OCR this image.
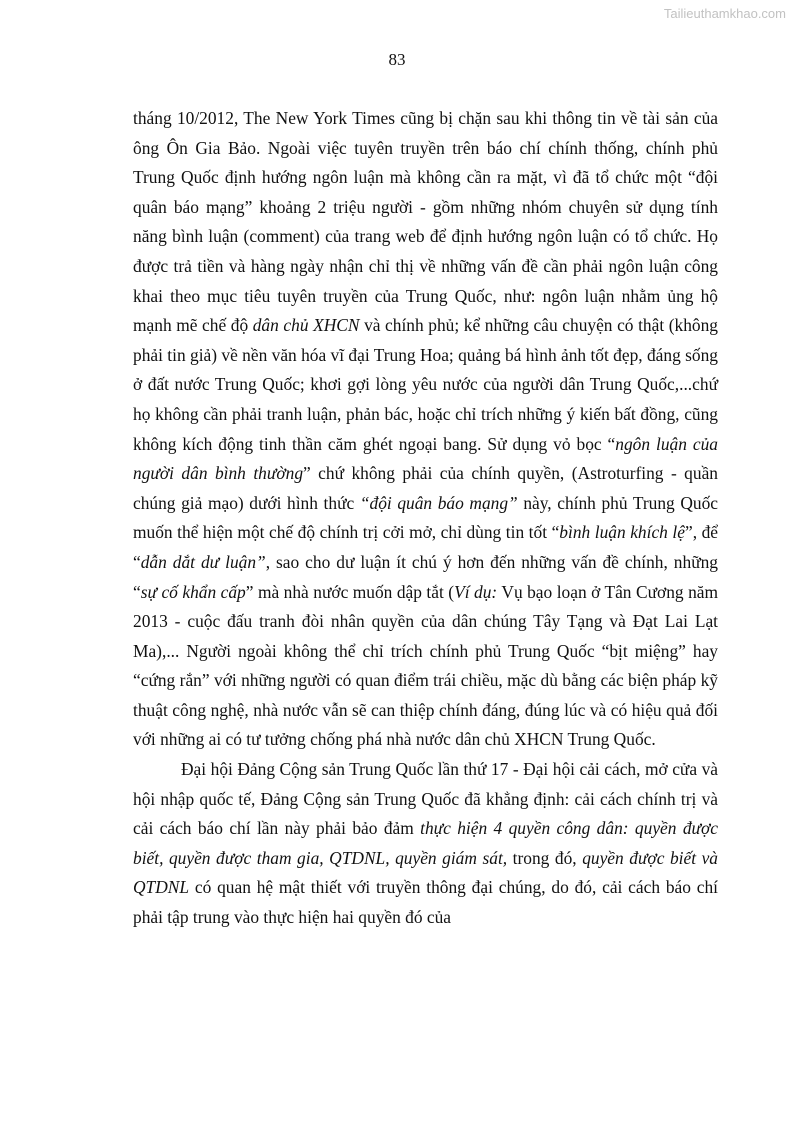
Tailieuthamkhao.com
83

tháng 10/2012, The New York Times cũng bị chặn sau khi thông tin về tài sản của ông Ôn Gia Bảo. Ngoài việc tuyên truyền trên báo chí chính thống, chính phủ Trung Quốc định hướng ngôn luận mà không cần ra mặt, vì đã tổ chức một “đội quân báo mạng” khoảng 2 triệu người - gồm những nhóm chuyên sử dụng tính năng bình luận (comment) của trang web để định hướng ngôn luận có tổ chức. Họ được trả tiền và hàng ngày nhận chỉ thị về những vấn đề cần phải ngôn luận công khai theo mục tiêu tuyên truyền của Trung Quốc, như: ngôn luận nhằm ủng hộ mạnh mẽ chế độ dân chủ XHCN và chính phủ; kể những câu chuyện có thật (không phải tin giả) về nền văn hóa vĩ đại Trung Hoa; quảng bá hình ảnh tốt đẹp, đáng sống ở đất nước Trung Quốc; khơi gợi lòng yêu nước của người dân Trung Quốc,...chứ họ không cần phải tranh luận, phản bác, hoặc chỉ trích những ý kiến bất đồng, cũng không kích động tinh thần căm ghét ngoại bang. Sử dụng vỏ bọc “ngôn luận của người dân bình thường” chứ không phải của chính quyền, (Astroturfing - quần chúng giả mạo) dưới hình thức “đội quân báo mạng” này, chính phủ Trung Quốc muốn thể hiện một chế độ chính trị cởi mở, chỉ dùng tin tốt “bình luận khích lệ”, để “dẫn dắt dư luận”, sao cho dư luận ít chú ý hơn đến những vấn đề chính, những “sự cố khẩn cấp” mà nhà nước muốn dập tắt (Ví dụ: Vụ bạo loạn ở Tân Cương năm 2013 - cuộc đấu tranh đòi nhân quyền của dân chúng Tây Tạng và Đạt Lai Lạt Ma),... Người ngoài không thể chỉ trích chính phủ Trung Quốc “bịt miệng” hay “cứng rắn” với những người có quan điểm trái chiều, mặc dù bằng các biện pháp kỹ thuật công nghệ, nhà nước vẫn sẽ can thiệp chính đáng, đúng lúc và có hiệu quả đối với những ai có tư tưởng chống phá nhà nước dân chủ XHCN Trung Quốc.

Đại hội Đảng Cộng sản Trung Quốc lần thứ 17 - Đại hội cải cách, mở cửa và hội nhập quốc tế, Đảng Cộng sản Trung Quốc đã khẳng định: cải cách chính trị và cải cách báo chí lần này phải bảo đảm thực hiện 4 quyền công dân: quyền được biết, quyền được tham gia, QTDNL, quyền giám sát, trong đó, quyền được biết và QTDNL có quan hệ mật thiết với truyền thông đại chúng, do đó, cải cách báo chí phải tập trung vào thực hiện hai quyền đó của
